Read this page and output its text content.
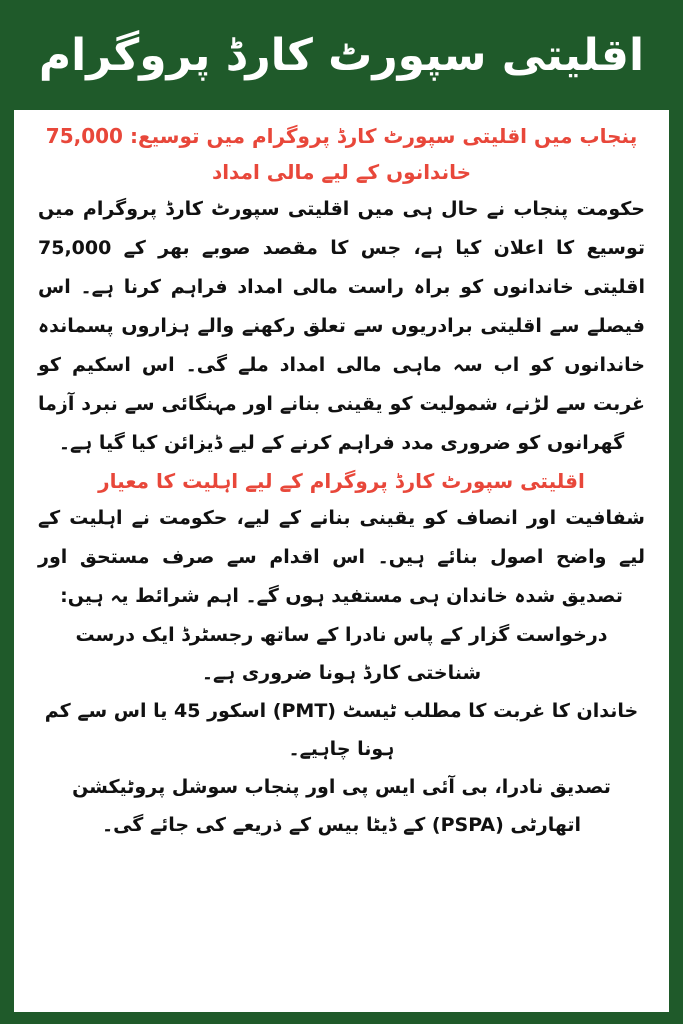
اقلیتی سپورٹ کارڈ پروگرام

پنجاب میں اقلیتی سپورٹ کارڈ پروگرام میں توسیع: 75,000 خاندانوں کے لیے مالی امداد

حکومت پنجاب نے حال ہی میں اقلیتی سپورٹ کارڈ پروگرام میں توسیع کا اعلان کیا ہے، جس کا مقصد صوبے بھر کے 75,000 اقلیتی خاندانوں کو براہ راست مالی امداد فراہم کرنا ہے۔ اس فیصلے سے اقلیتی برادریوں سے تعلق رکھنے والے ہزاروں پسماندہ خاندانوں کو اب سہ ماہی مالی امداد ملے گی۔ اس اسکیم کو غربت سے لڑنے، شمولیت کو یقینی بنانے اور مہنگائی سے نبرد آزما گھرانوں کو ضروری مدد فراہم کرنے کے لیے ڈیزائن کیا گیا ہے۔

اقلیتی سپورٹ کارڈ پروگرام کے لیے اہلیت کا معیار

شفافیت اور انصاف کو یقینی بنانے کے لیے، حکومت نے اہلیت کے لیے واضح اصول بنائے ہیں۔ اس اقدام سے صرف مستحق اور تصدیق شدہ خاندان ہی مستفید ہوں گے۔ اہم شرائط یہ ہیں:

درخواست گزار کے پاس نادرا کے ساتھ رجسٹرڈ ایک درست شناختی کارڈ ہونا ضروری ہے۔

خاندان کا غربت کا مطلب ٹیسٹ (PMT) اسکور 45 یا اس سے کم ہونا چاہیے۔

تصدیق نادرا، بی آئی ایس پی اور پنجاب سوشل پروٹیکشن اتھارٹی (PSPA) کے ڈیٹا بیس کے ذریعے کی جائے گی۔
